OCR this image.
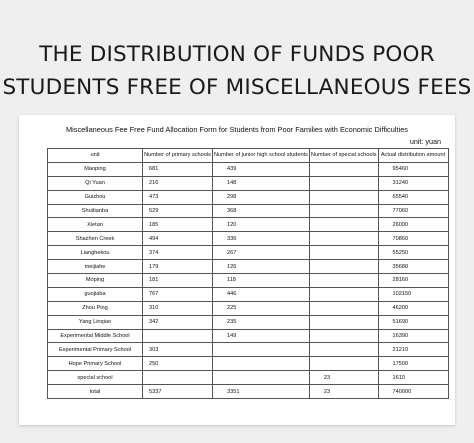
THE DISTRIBUTION OF FUNDS POOR
STUDENTS FREE OF MISCELLANEOUS FEES
Miscellaneous Fee Free Fund Allocation Form for Students from Poor Families with Economic Difficulties
unit: yuan
unit	Number of primary schools	Number of junior high school students	Number of special schools	Actual distribution amount
Maoping	681	439		95460
Qi Yuan	216	148		31240
Guizhou	473	298		65540
Shuitianba	529	368		77060
Xietan	185	120		26000
Shazhen Creek	494	336		70860
Lianghekou	374	267		55250
meijiahe	179	126		35680
Moping	181	118		28160
guojiaba	767	446		102150
Zhou Ping	310	225		46200
Yang Linqiao	342	235		51690
Experimental Middle School		149		16390
Experimental Primary School	303			21210
Hope Primary School	250			17500
special school			23	1610
total	5337	3351	23	740000
